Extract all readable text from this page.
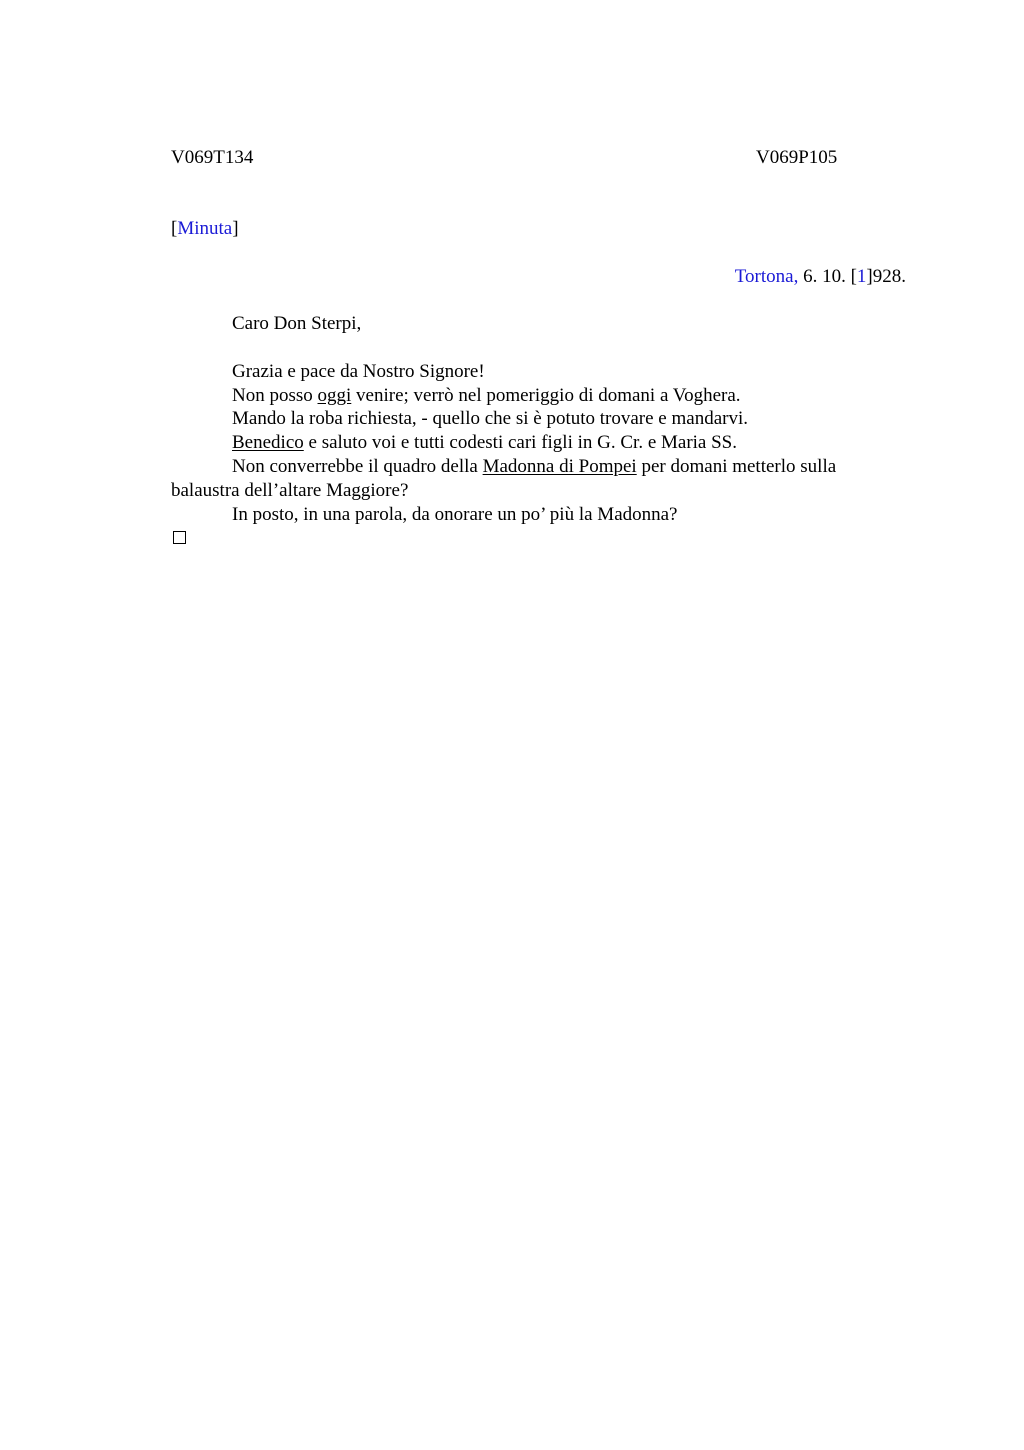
V069T134	V069P105
[Minuta]
Tortona, 6. 10. [1]928.
Caro Don Sterpi,
Grazia e pace da Nostro Signore!
Non posso oggi venire; verrò nel pomeriggio di domani a Voghera.
Mando la roba richiesta, - quello che si è potuto trovare e mandarvi.
Benedico e saluto voi e tutti codesti cari figli in G. Cr. e Maria SS.
Non converrebbe il quadro della Madonna di Pompei per domani metterlo sulla
balaustra dell’altare Maggiore?
In posto, in una parola, da onorare un po’ più la Madonna?
